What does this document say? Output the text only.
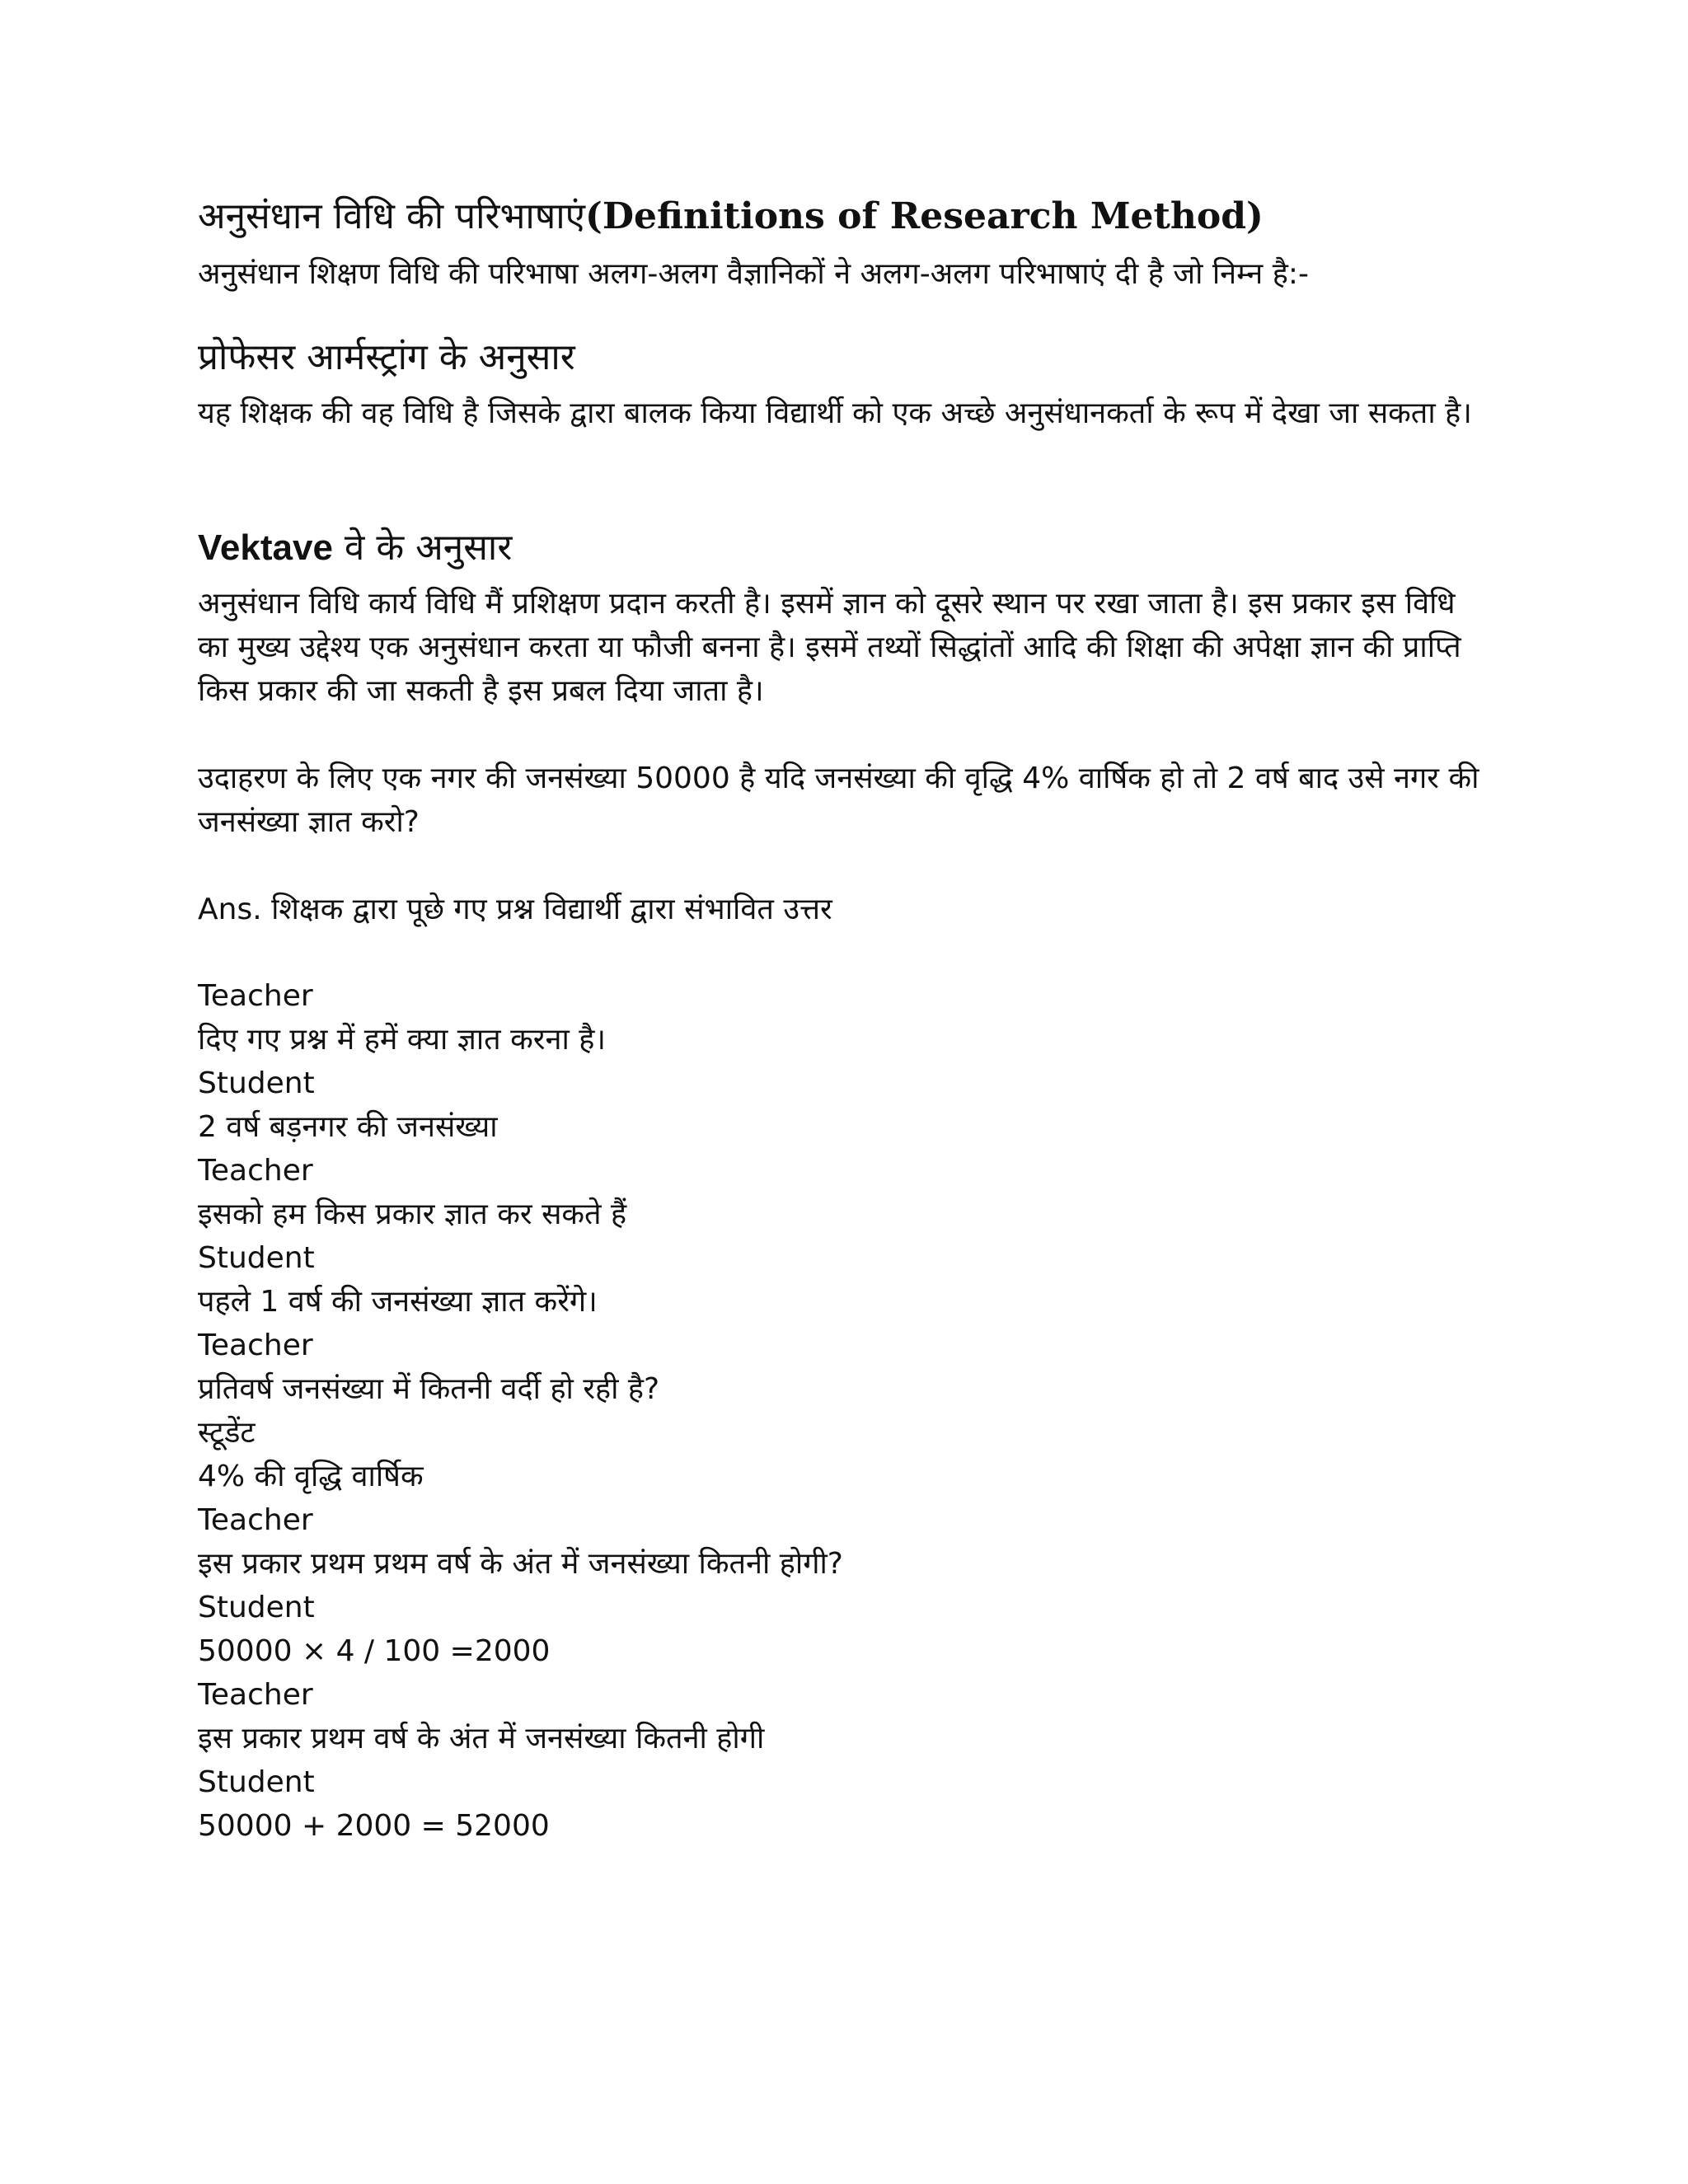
अनुसंधान विधि की परिभाषाएं(Definitions of Research Method)

अनुसंधान शिक्षण विधि की परिभाषा अलग-अलग वैज्ञानिकों ने अलग-अलग परिभाषाएं दी है जो निम्न है:-

प्रोफेसर आर्मस्ट्रांग के अनुसार

यह शिक्षक की वह विधि है जिसके द्वारा बालक किया विद्यार्थी को एक अच्छे अनुसंधानकर्ता के रूप में देखा जा सकता है।

Vektave वे के अनुसार

अनुसंधान विधि कार्य विधि मैं प्रशिक्षण प्रदान करती है। इसमें ज्ञान को दूसरे स्थान पर रखा जाता है। इस प्रकार इस विधि का मुख्य उद्देश्य एक अनुसंधान करता या फौजी बनना है। इसमें तथ्यों सिद्धांतों आदि की शिक्षा की अपेक्षा ज्ञान की प्राप्ति किस प्रकार की जा सकती है इस प्रबल दिया जाता है।

उदाहरण के लिए एक नगर की जनसंख्या 50000 है यदि जनसंख्या की वृद्धि 4% वार्षिक हो तो 2 वर्ष बाद उसे नगर की जनसंख्या ज्ञात करो?

Ans. शिक्षक द्वारा पूछे गए प्रश्न विद्यार्थी द्वारा संभावित उत्तर

Teacher

दिए गए प्रश्न में हमें क्या ज्ञात करना है।

Student

2 वर्ष बड़नगर की जनसंख्या

Teacher

इसको हम किस प्रकार ज्ञात कर सकते हैं

Student

पहले 1 वर्ष की जनसंख्या ज्ञात करेंगे।

Teacher

प्रतिवर्ष जनसंख्या में कितनी वर्दी हो रही है?

स्टूडेंट

4% की वृद्धि वार्षिक

Teacher

इस प्रकार प्रथम प्रथम वर्ष के अंत में जनसंख्या कितनी होगी?

Student

50000 × 4 / 100 =2000

Teacher

इस प्रकार प्रथम वर्ष के अंत में जनसंख्या कितनी होगी

Student

50000 + 2000 = 52000
